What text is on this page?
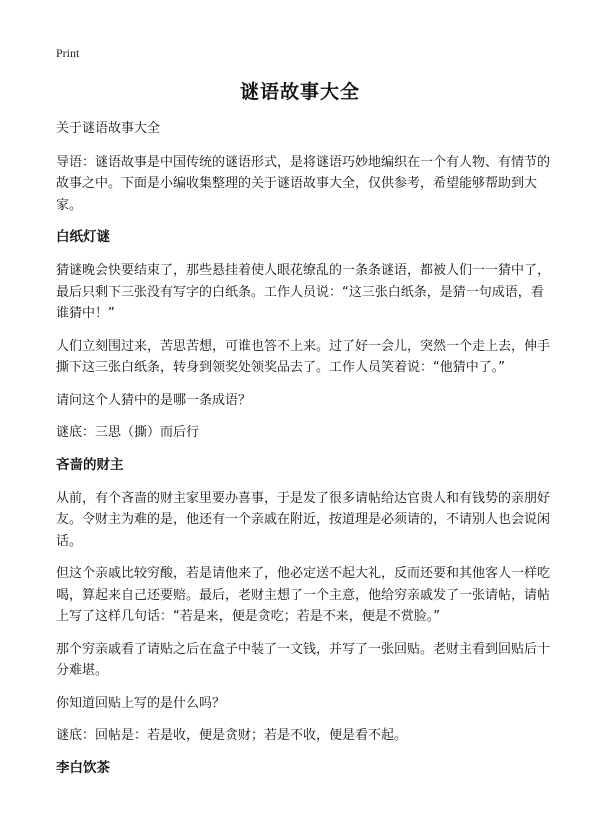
Print
谜语故事大全
关于谜语故事大全
导语：谜语故事是中国传统的谜语形式，是将谜语巧妙地编织在一个有人物、有情节的故事之中。下面是小编收集整理的关于谜语故事大全，仅供参考，希望能够帮助到大家。
白纸灯谜
猜谜晚会快要结束了，那些悬挂着使人眼花缭乱的一条条谜语，都被人们一一猜中了，最后只剩下三张没有写字的白纸条。工作人员说：“这三张白纸条，是猜一句成语，看谁猜中！”
人们立刻围过来，苦思苦想，可谁也答不上来。过了好一会儿，突然一个走上去，伸手撕下这三张白纸条，转身到领奖处领奖品去了。工作人员笑着说：“他猜中了。”
请问这个人猜中的是哪一条成语？
谜底：三思（撕）而后行
吝啬的财主
从前，有个吝啬的财主家里要办喜事，于是发了很多请帖给达官贵人和有钱势的亲朋好友。令财主为难的是，他还有一个亲戚在附近，按道理是必须请的，不请别人也会说闲话。
但这个亲戚比较穷酸，若是请他来了，他必定送不起大礼，反而还要和其他客人一样吃喝，算起来自己还要赔。最后，老财主想了一个主意，他给穷亲戚发了一张请帖，请帖上写了这样几句话：“若是来，便是贪吃；若是不来，便是不赏脸。”
那个穷亲戚看了请贴之后在盒子中装了一文钱，并写了一张回贴。老财主看到回贴后十分难堪。
你知道回贴上写的是什么吗？
谜底：回帖是：若是收，便是贪财；若是不收，便是看不起。
李白饮茶
